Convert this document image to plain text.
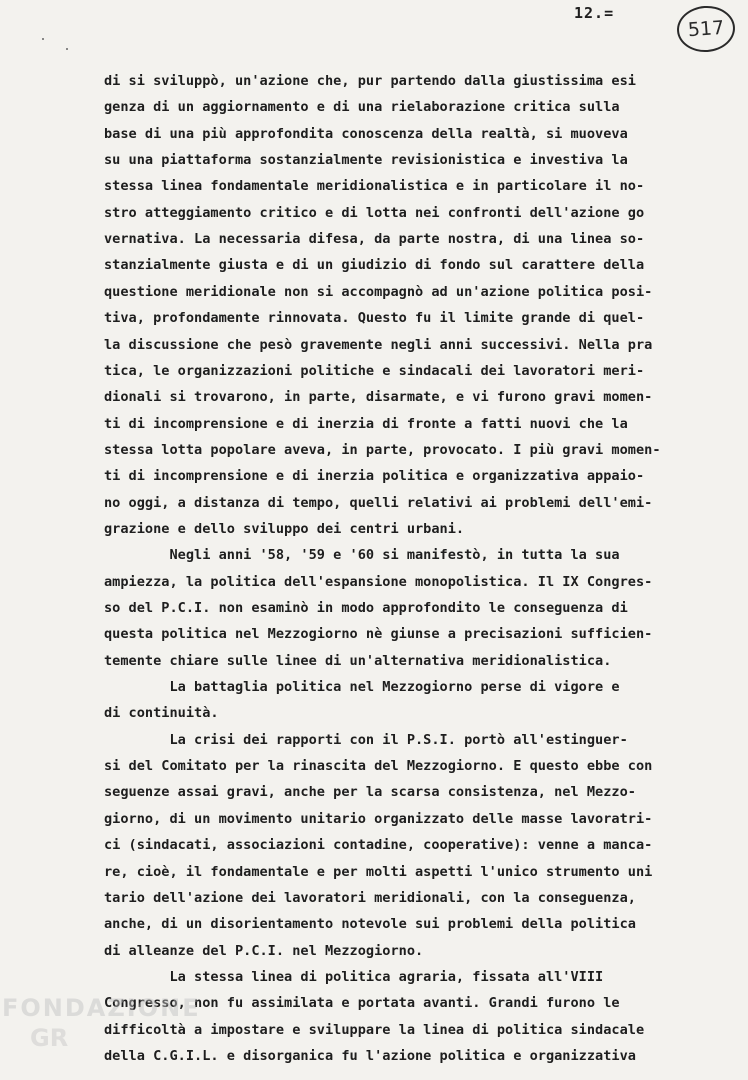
12.=
517
di si sviluppò, un'azione che, pur partendo dalla giustissima esi
genza di un aggiornamento e di una rielaborazione critica sulla
base di una più approfondita conoscenza della realtà, si muoveva
su una piattaforma sostanzialmente revisionistica e investiva la
stessa linea fondamentale meridionalistica e in particolare il no-
stro atteggiamento critico e di lotta nei confronti dell'azione go
vernativa. La necessaria difesa, da parte nostra, di una linea so-
stanzialmente giusta e di un giudizio di fondo sul carattere della
questione meridionale non si accompagnò ad un'azione politica posi-
tiva, profondamente rinnovata. Questo fu il limite grande di quel-
la discussione che pesò gravemente negli anni successivi. Nella pra
tica, le organizzazioni politiche e sindacali dei lavoratori meri-
dionali si trovarono, in parte, disarmate, e vi furono gravi momen-
ti di incomprensione e di inerzia di fronte a fatti nuovi che la
stessa lotta popolare aveva, in parte, provocato. I più gravi momen-
ti di incomprensione e di inerzia politica e organizzativa appaio-
no oggi, a distanza di tempo, quelli relativi ai problemi dell'emi-
grazione e dello sviluppo dei centri urbani.
Negli anni '58, '59 e '60 si manifestò, in tutta la sua
ampiezza, la politica dell'espansione monopolistica. Il IX Congres-
so del P.C.I. non esaminò in modo approfondito le conseguenza di
questa politica nel Mezzogiorno nè giunse a precisazioni sufficien-
temente chiare sulle linee di un'alternativa meridionalistica.
La battaglia politica nel Mezzogiorno perse di vigore e
di continuità.
La crisi dei rapporti con il P.S.I. portò all'estinguer-
si del Comitato per la rinascita del Mezzogiorno. E questo ebbe con
seguenze assai gravi, anche per la scarsa consistenza, nel Mezzo-
giorno, di un movimento unitario organizzato delle masse lavoratri-
ci (sindacati, associazioni contadine, cooperative): venne a manca-
re, cioè, il fondamentale e per molti aspetti l'unico strumento uni
tario dell'azione dei lavoratori meridionali, con la conseguenza,
anche, di un disorientamento notevole sui problemi della politica
di alleanze del P.C.I. nel Mezzogiorno.
La stessa linea di politica agraria, fissata all'VIII
Congresso, non fu assimilata e portata avanti. Grandi furono le
difficoltà a impostare e sviluppare la linea di politica sindacale
della C.G.I.L. e disorganica fu l'azione politica e organizzativa
FONDAZIONE
GR
